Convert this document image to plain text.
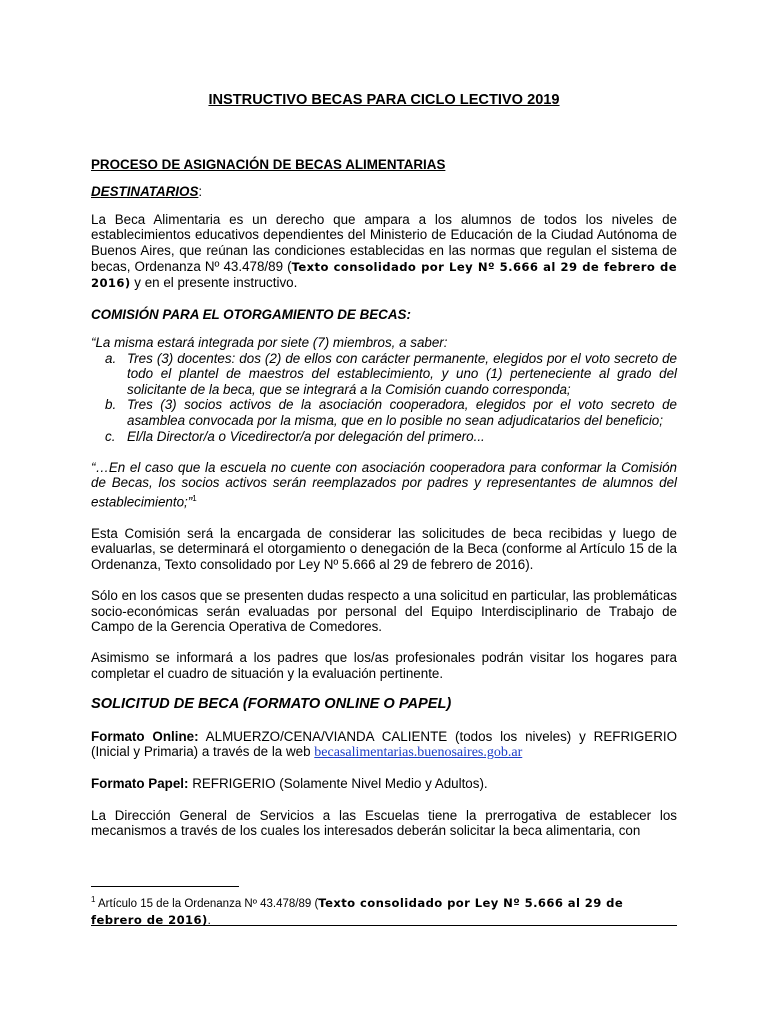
INSTRUCTIVO BECAS PARA CICLO LECTIVO 2019
PROCESO DE ASIGNACIÓN DE BECAS ALIMENTARIAS
DESTINATARIOS:

La Beca Alimentaria es un derecho que ampara a los alumnos de todos los niveles de establecimientos educativos dependientes del Ministerio de Educación de la Ciudad Autónoma de Buenos Aires, que reúnan las condiciones establecidas en las normas que regulan el sistema de becas, Ordenanza Nº 43.478/89 (Texto consolidado por Ley Nº 5.666 al 29 de febrero de 2016) y en el presente instructivo.

COMISIÓN PARA EL OTORGAMIENTO DE BECAS:
“La misma estará integrada por siete (7) miembros, a saber:
a. Tres (3) docentes: dos (2) de ellos con carácter permanente, elegidos por el voto secreto de todo el plantel de maestros del establecimiento, y uno (1) perteneciente al grado del solicitante de la beca, que se integrará a la Comisión cuando corresponda;
b. Tres (3) socios activos de la asociación cooperadora, elegidos por el voto secreto de asamblea convocada por la misma, que en lo posible no sean adjudicatarios del beneficio;
c. El/la Director/a o Vicedirector/a por delegación del primero...

“…En el caso que la escuela no cuente con asociación cooperadora para conformar la Comisión de Becas, los socios activos serán reemplazados por padres y representantes de alumnos del establecimiento;”$^1$

Esta Comisión será la encargada de considerar las solicitudes de beca recibidas y luego de evaluarlas, se determinará el otorgamiento o denegación de la Beca (conforme al Artículo 15 de la Ordenanza, Texto consolidado por Ley Nº 5.666 al 29 de febrero de 2016).

Sólo en los casos que se presenten dudas respecto a una solicitud en particular, las problemáticas socio-económicas serán evaluadas por personal del Equipo Interdisciplinario de Trabajo de Campo de la Gerencia Operativa de Comedores.

Asimismo se informará a los padres que los/as profesionales podrán visitar los hogares para completar el cuadro de situación y la evaluación pertinente.

SOLICITUD DE BECA (FORMATO ONLINE O PAPEL)

Formato Online: ALMUERZO/CENA/VIANDA CALIENTE (todos los niveles) y REFRIGERIO (Inicial y Primaria) a través de la web becasalimentarias.buenosaires.gob.ar

Formato Papel: REFRIGERIO (Solamente Nivel Medio y Adultos).

La Dirección General de Servicios a las Escuelas tiene la prerrogativa de establecer los mecanismos a través de los cuales los interesados deberán solicitar la beca alimentaria, con

$^1$ Artículo 15 de la Ordenanza Nº 43.478/89 (Texto consolidado por Ley Nº 5.666 al 29 de febrero de 2016).
